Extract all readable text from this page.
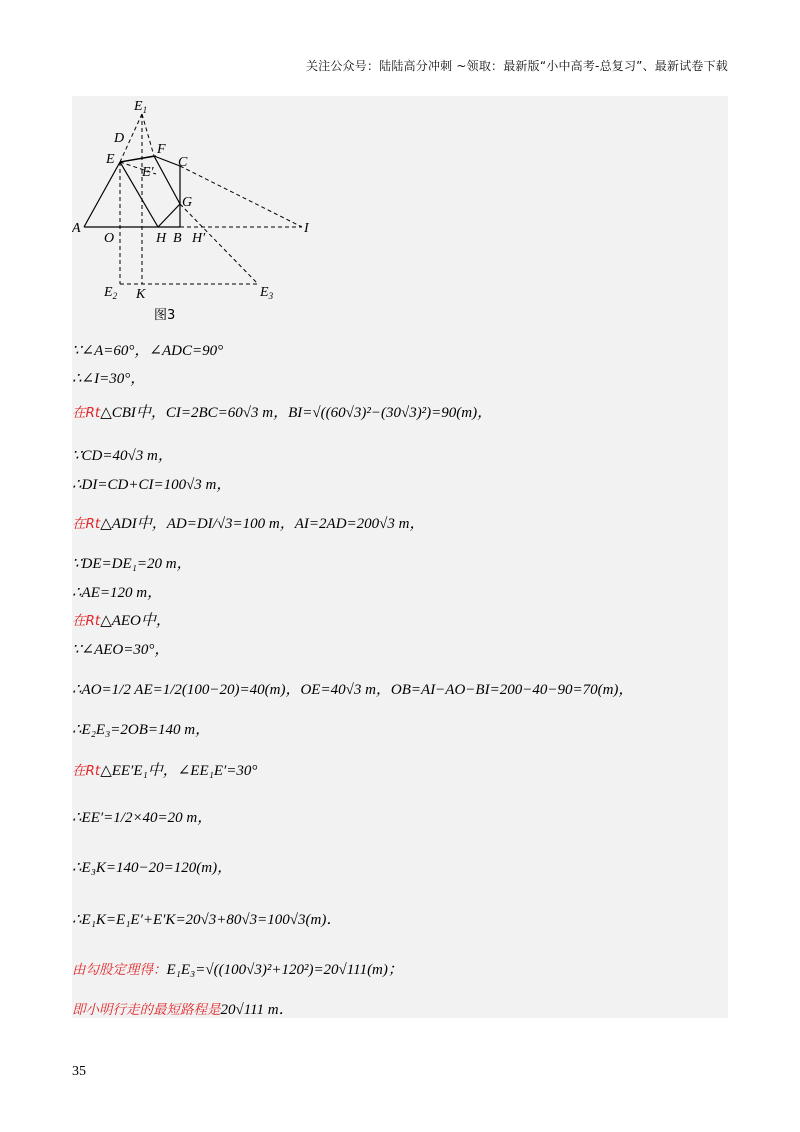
关注公众号：陆陆高分冲刺 ~领取：最新版“小中高考-总复习”、最新试卷下载
$E_1$
D
E
F
C
E′
G
A
O	H B H′
I
$E_2$ K	$E_3$
图3
∵∠A=60°，∠ADC=90°
∴∠I=30°，
在Rt△CBI中，CI=2BC=60√3 m，BI=√((60√3)²−(30√3)²)=90(m)，
∵CD=40√3 m，
∴DI=CD+CI=100√3 m，
在Rt△ADI中，AD=DI/√3=100 m，AI=2AD=200√3 m，
∵DE=DE₁=20 m，
∴AE=120 m，
在Rt△AEO中，
∵∠AEO=30°，
∴AO=1/2 AE=1/2(100−20)=40(m)，OE=40√3 m，OB=AI−AO−BI=200−40−90=70(m)，
∴E₂E₃=2OB=140 m，
在Rt△EE′E₁中，∠EE₁E′=30°
∴EE′=1/2×40=20 m，
∴E₃K=140−20=120(m)，
∴E₁K=E₁E′+E′K=20√3+80√3=100√3(m)．
由勾股定理得：E₁E₃=√((100√3)²+120²)=20√111(m)；
即小明行走的最短路程是20√111 m．
35
